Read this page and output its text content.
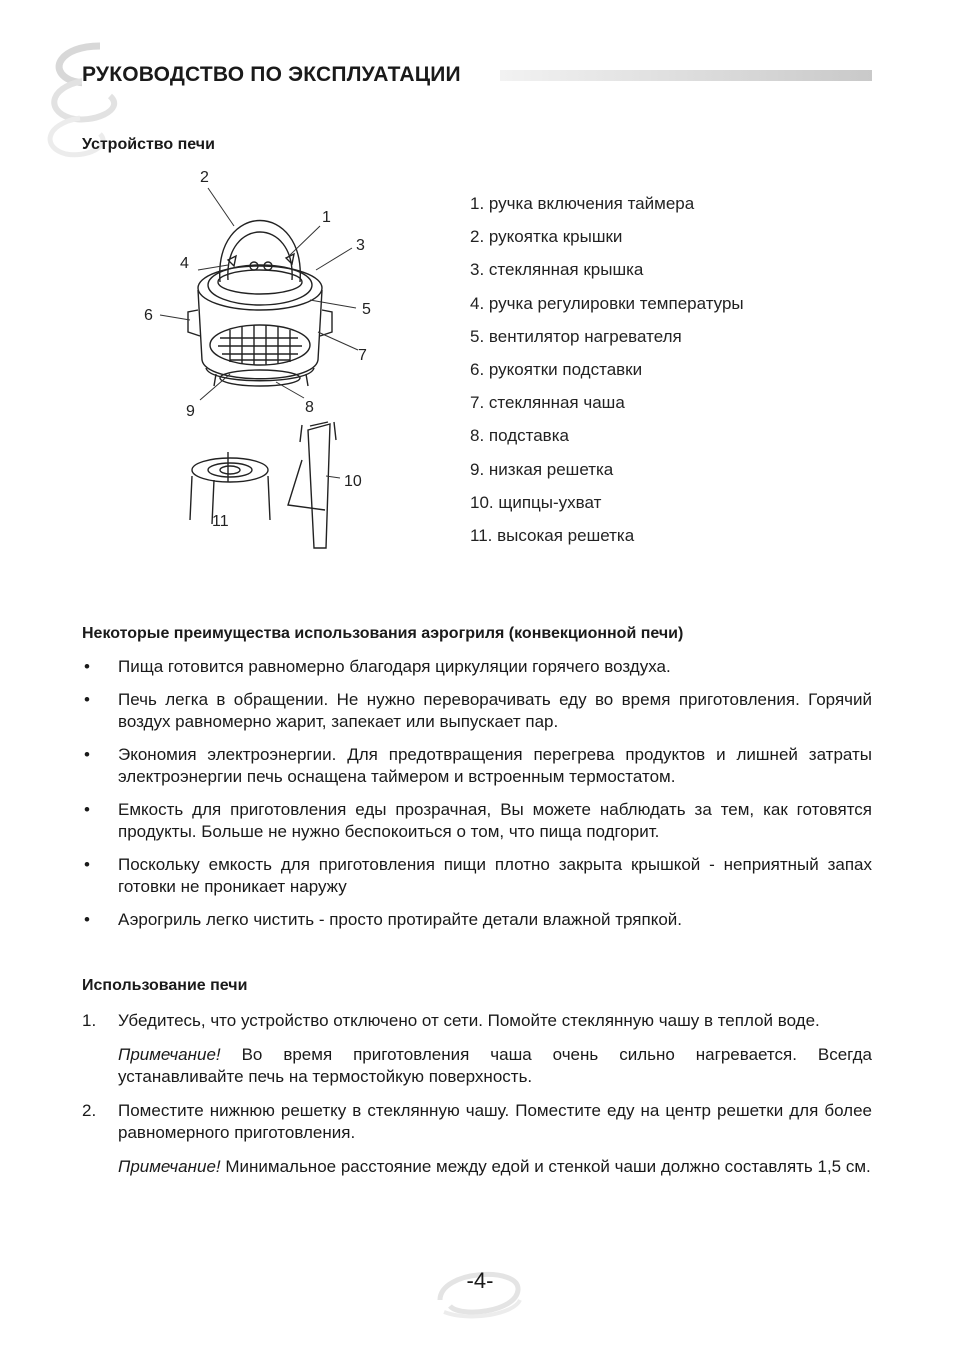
РУКОВОДСТВО ПО ЭКСПЛУАТАЦИИ
Устройство печи
2
1
3
4
5
6
7
8
9
10
11
1. ручка включения таймера
2. рукоятка крышки
3. стеклянная крышка
4. ручка регулировки температуры
5. вентилятор нагревателя
6. рукоятки подставки
7. стеклянная чаша
8. подставка
9. низкая решетка
10. щипцы-ухват
11. высокая решетка
Некоторые преимущества использования аэрогриля (конвекционной печи)
• Пища готовится равномерно благодаря циркуляции горячего воздуха.
• Печь легка в обращении. Не нужно переворачивать еду во время приготовления. Горячий воздух равномерно жарит, запекает или выпускает пар.
• Экономия электроэнергии. Для предотвращения перегрева продуктов и лишней затраты электроэнергии печь оснащена таймером и встроенным термостатом.
• Емкость для приготовления еды прозрачная, Вы можете наблюдать за тем, как готовятся продукты. Больше не нужно беспокоиться о том, что пища подгорит.
• Поскольку емкость для приготовления пищи плотно закрыта крышкой - неприятный запах готовки не проникает наружу
• Аэрогриль легко чистить - просто протирайте детали влажной тряпкой.
Использование печи
1. Убедитесь, что устройство отключено от сети. Помойте стеклянную чашу в теплой воде.

Примечание! Во время приготовления чаша очень сильно нагревается. Всегда устанавливайте печь на термостойкую поверхность.

2. Поместите нижнюю решетку в стеклянную чашу. Поместите еду на центр решетки для более равномерного приготовления.

Примечание! Минимальное расстояние между едой и стенкой чаши должно составлять 1,5 см.

-4-
